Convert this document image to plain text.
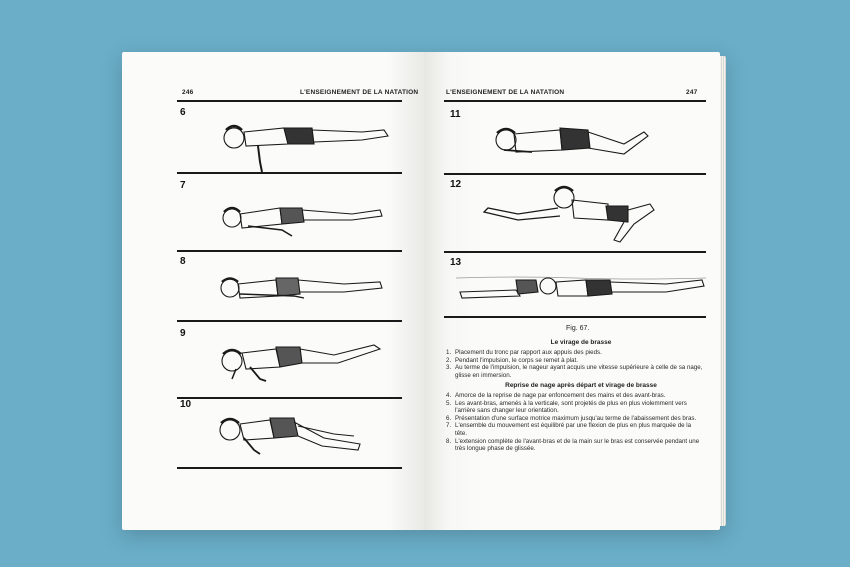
246	L'ENSEIGNEMENT DE LA NATATION
6
7
8
9
10
L'ENSEIGNEMENT DE LA NATATION	247
11
12
13
Fig. 67.
Le virage de brasse
1. Placement du tronc par rapport aux appuis des pieds.
2. Pendant l'impulsion, le corps se remet à plat.
3. Au terme de l'impulsion, le nageur ayant acquis une vitesse supérieure à celle de sa nage, glisse en immersion.
Reprise de nage après départ et virage de brasse
4. Amorce de la reprise de nage par enfoncement des mains et des avant-bras.
5. Les avant-bras, amenés à la verticale, sont projetés de plus en plus violemment vers l'arrière sans changer leur orientation.
6. Présentation d'une surface motrice maximum jusqu'au terme de l'abaissement des bras.
7. L'ensemble du mouvement est équilibré par une flexion de plus en plus marquée de la tête.
8. L'extension complète de l'avant-bras et de la main sur le bras est conservée pendant une très longue phase de glissée.
